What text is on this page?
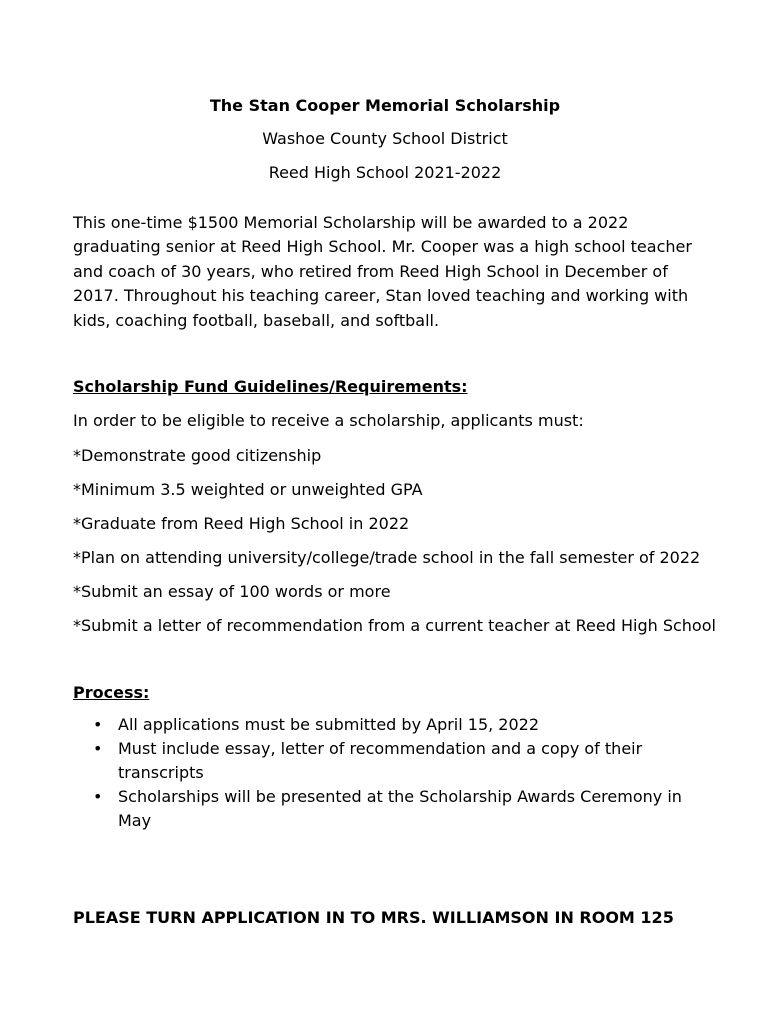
The Stan Cooper Memorial Scholarship
Washoe County School District
Reed High School 2021-2022

This one-time $1500 Memorial Scholarship will be awarded to a 2022 graduating senior at Reed High School. Mr. Cooper was a high school teacher and coach of 30 years, who retired from Reed High School in December of 2017. Throughout his teaching career, Stan loved teaching and working with kids, coaching football, baseball, and softball.

Scholarship Fund Guidelines/Requirements:
In order to be eligible to receive a scholarship, applicants must:
*Demonstrate good citizenship
*Minimum 3.5 weighted or unweighted GPA
*Graduate from Reed High School in 2022
*Plan on attending university/college/trade school in the fall semester of 2022
*Submit an essay of 100 words or more
*Submit a letter of recommendation from a current teacher at Reed High School
Process:
• All applications must be submitted by April 15, 2022
• Must include essay, letter of recommendation and a copy of their transcripts
• Scholarships will be presented at the Scholarship Awards Ceremony in May
PLEASE TURN APPLICATION IN TO MRS. WILLIAMSON IN ROOM 125
